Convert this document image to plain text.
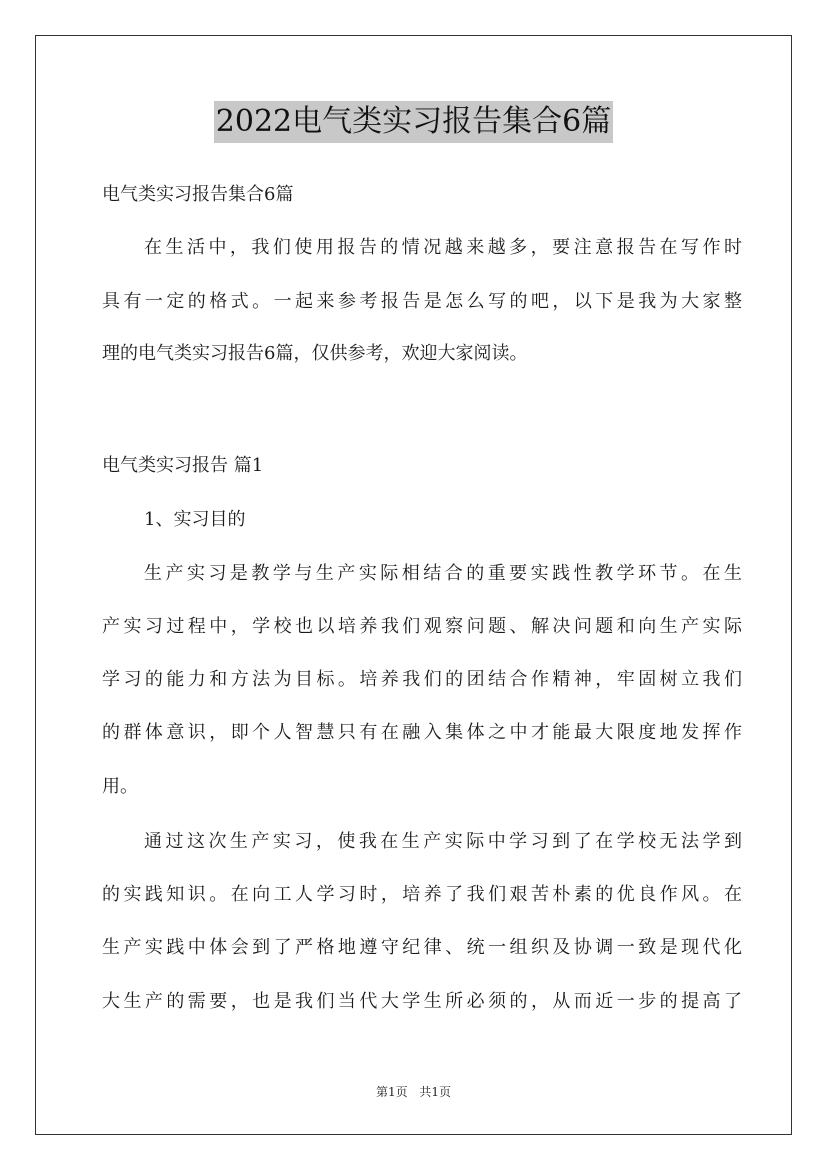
2022电气类实习报告集合6篇
电气类实习报告集合6篇
在生活中，我们使用报告的情况越来越多，要注意报告在写作时
具有一定的格式。一起来参考报告是怎么写的吧，以下是我为大家整
理的电气类实习报告6篇，仅供参考，欢迎大家阅读。
电气类实习报告 篇1
1、实习目的
生产实习是教学与生产实际相结合的重要实践性教学环节。在生
产实习过程中，学校也以培养我们观察问题、解决问题和向生产实际
学习的能力和方法为目标。培养我们的团结合作精神，牢固树立我们
的群体意识，即个人智慧只有在融入集体之中才能最大限度地发挥作
用。
通过这次生产实习，使我在生产实际中学习到了在学校无法学到
的实践知识。在向工人学习时，培养了我们艰苦朴素的优良作风。在
生产实践中体会到了严格地遵守纪律、统一组织及协调一致是现代化
大生产的需要，也是我们当代大学生所必须的，从而近一步的提高了
第1页 共1页
